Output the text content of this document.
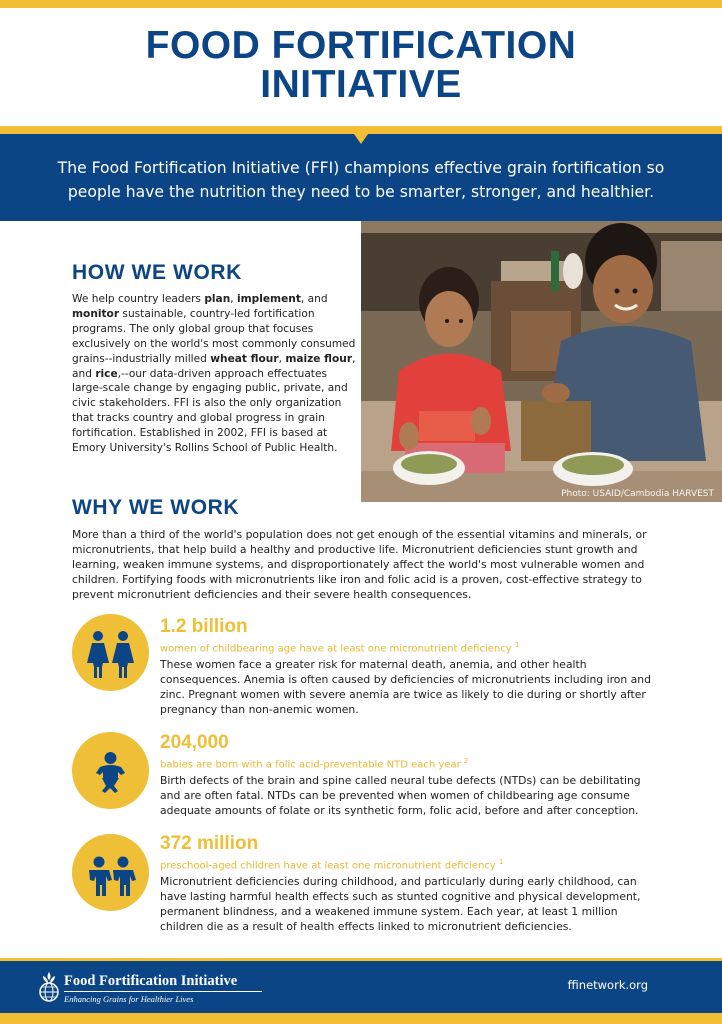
FOOD FORTIFICATION
INITIATIVE
The Food Fortification Initiative (FFI) champions effective grain fortification so
people have the nutrition they need to be smarter, stronger, and healthier.
Photo: USAID/Cambodia HARVEST
HOW WE WORK

We help country leaders plan, implement, and monitor sustainable, country-led fortification programs. The only global group that focuses exclusively on the world's most commonly consumed grains--industrially milled wheat flour, maize flour, and rice,--our data-driven approach effectuates large-scale change by engaging public, private, and civic stakeholders. FFI is also the only organization that tracks country and global progress in grain fortification. Established in 2002, FFI is based at Emory University's Rollins School of Public Health.

WHY WE WORK

More than a third of the world's population does not get enough of the essential vitamins and minerals, or micronutrients, that help build a healthy and productive life. Micronutrient deficiencies stunt growth and learning, weaken immune systems, and disproportionately affect the world's most vulnerable women and children. Fortifying foods with micronutrients like iron and folic acid is a proven, cost-effective strategy to prevent micronutrient deficiencies and their severe health consequences.

1.2 billion
women of childbearing age have at least one micronutrient deficiency $^1$

These women face a greater risk for maternal death, anemia, and other health consequences. Anemia is often caused by deficiencies of micronutrients including iron and zinc. Pregnant women with severe anemia are twice as likely to die during or shortly after pregnancy than non-anemic women.

204,000
babies are born with a folic acid-preventable NTD each year $^2$

Birth defects of the brain and spine called neural tube defects (NTDs) can be debilitating and are often fatal. NTDs can be prevented when women of childbearing age consume adequate amounts of folate or its synthetic form, folic acid, before and after conception.

372 million
preschool-aged children have at least one micronutrient deficiency $^1$

Micronutrient deficiencies during childhood, and particularly during early childhood, can have lasting harmful health effects such as stunted cognitive and physical development, permanent blindness, and a weakened immune system. Each year, at least 1 million children die as a result of health effects linked to micronutrient deficiencies.

Food Fortification Initiative
Enhancing Grains for Healthier Lives
ffinetwork.org
